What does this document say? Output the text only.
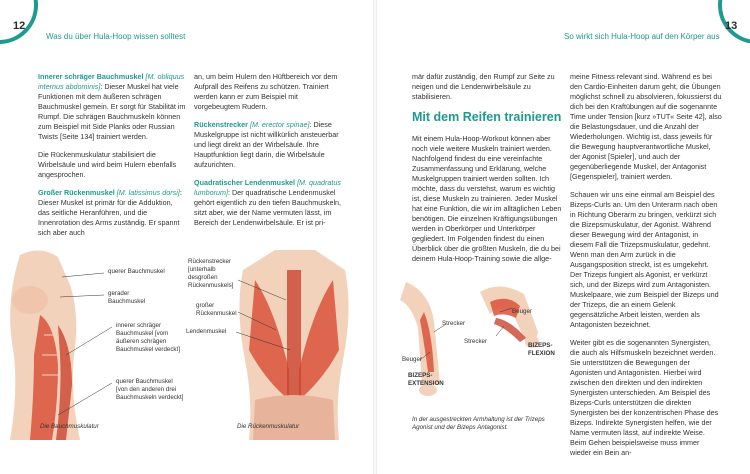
12
Was du über Hula-Hoop wissen solltest

Innerer schräger Bauchmuskel [M. obliquus internus abdominis]: Dieser Muskel hat viele Funktionen mit dem äußeren schrägen Bauchmuskel gemein. Er sorgt für Stabilität im Rumpf. Die schrägen Bauchmuskeln können zum Beispiel mit Side Planks oder Russian Twists [Seite 134] trainiert werden.

Die Rückenmuskulatur stabilisiert die Wirbelsäule und wird beim Hulern ebenfalls angesprochen.

Großer Rückenmuskel [M. latissimus dorsi]: Dieser Muskel ist primär für die Adduktion, das seitliche Heranführen, und die Innenrotation des Arms zuständig. Er spannt sich aber auch

an, um beim Hulern den Hüftbereich vor dem Aufprall des Reifens zu schützen. Trainiert werden kann er zum Beispiel mit vorgebeugtem Rudern.

Rückenstrecker [M. erector spinae]: Diese Muskelgruppe ist nicht willkürlich ansteuerbar und liegt direkt an der Wirbelsäule. Ihre Hauptfunktion liegt darin, die Wirbelsäule aufzurichten.

Quadratischer Lendenmuskel [M. quadratus lumborum]: Der quadratische Lendenmuskel gehört eigentlich zu den tiefen Bauchmuskeln, sitzt aber, wie der Name vermuten lässt, im Bereich der Lendenwirbelsäule. Er ist pri-

querer Bauchmuskel
gerader Bauchmuskel
innerer schräger Bauchmuskel [vom äußeren schrägen Bauchmuskel verdeckt]
querer Bauchmuskel [von den anderen drei Bauchmuskeln verdeckt]
Die Bauchmuskulatur
Rückenstrecker [unterhalb desgroßen Rückenmuskels]
großer Rückenmuskel
Lendenmuskel
Die Rückenmuskulatur
13
So wirkt sich Hula-Hoop auf den Körper aus

mär dafür zuständig, den Rumpf zur Seite zu neigen und die Lendenwirbelsäule zu stabilisieren.

Mit dem Reifen trainieren

Mit einem Hula-Hoop-Workout können aber noch viele weitere Muskeln trainiert werden. Nachfolgend findest du eine vereinfachte Zusammenfassung und Erklärung, welche Muskelgruppen trainiert werden sollten. Ich möchte, dass du verstehst, warum es wichtig ist, diese Muskeln zu trainieren. Jeder Muskel hat eine Funktion, die wir im alltäglichen Leben benötigen. Die einzelnen Kräftigungsübungen werden in Oberkörper und Unterkörper gegliedert. Im Folgenden findest du einen Überblick über die größten Muskeln, die du bei deinem Hula-Hoop-Training sowie die allge-

meine Fitness relevant sind. Während es bei den Cardio-Einheiten darum geht, die Übungen möglichst schnell zu absolvieren, fokussierst du dich bei den Kraftübungen auf die sogenannte Time under Tension [kurz »TUT« Seite 42], also die Belastungsdauer, und die Anzahl der Wiederholungen. Wichtig ist, dass jeweils für die Bewegung hauptverantwortliche Muskel, der Agonist [Spieler], und auch der gegenüberliegende Muskel, der Antagonist [Gegenspieler], trainiert werden.

Schauen wir uns eine einmal am Beispiel des Bizeps-Curls an. Um den Unterarm nach oben in Richtung Oberarm zu bringen, verkürzt sich die Bizepsmuskulatur, der Agonist. Während dieser Bewegung wird der Antagonist, in diesem Fall die Trizepsmuskulatur, gedehnt. Wenn man den Arm zurück in die Ausgangsposition streckt, ist es umgekehrt. Der Trizeps fungiert als Agonist, er verkürzt sich, und der Bizeps wird zum Antagonisten. Muskelpaare, wie zum Beispiel der Bizeps und der Trizeps, die an einem Gelenk gegensätzliche Arbeit leisten, werden als Antagonisten bezeichnet.

Weiter gibt es die sogenannten Synergisten, die auch als Hilfsmuskeln bezeichnet werden. Sie unterstützen die Bewegungen der Agonisten und Antagonisten. Hierbei wird zwischen den direkten und den indirekten Synergisten unterschieden. Am Beispiel des Bizeps-Curls unterstützen die direkten Synergisten bei der konzentrischen Phase des Bizeps. Indirekte Synergisten helfen, wie der Name vermuten lässt, auf indirekte Weise. Beim Gehen beispielsweise muss immer wieder ein Bein an-

Strecker
Beuger
Beuger
Strecker
BIZEPS-FLEXION
BIZEPS-EXTENSION
In der ausgestreckten Armhaltung ist der Trizeps Agonist und der Bizeps Antagonist.
